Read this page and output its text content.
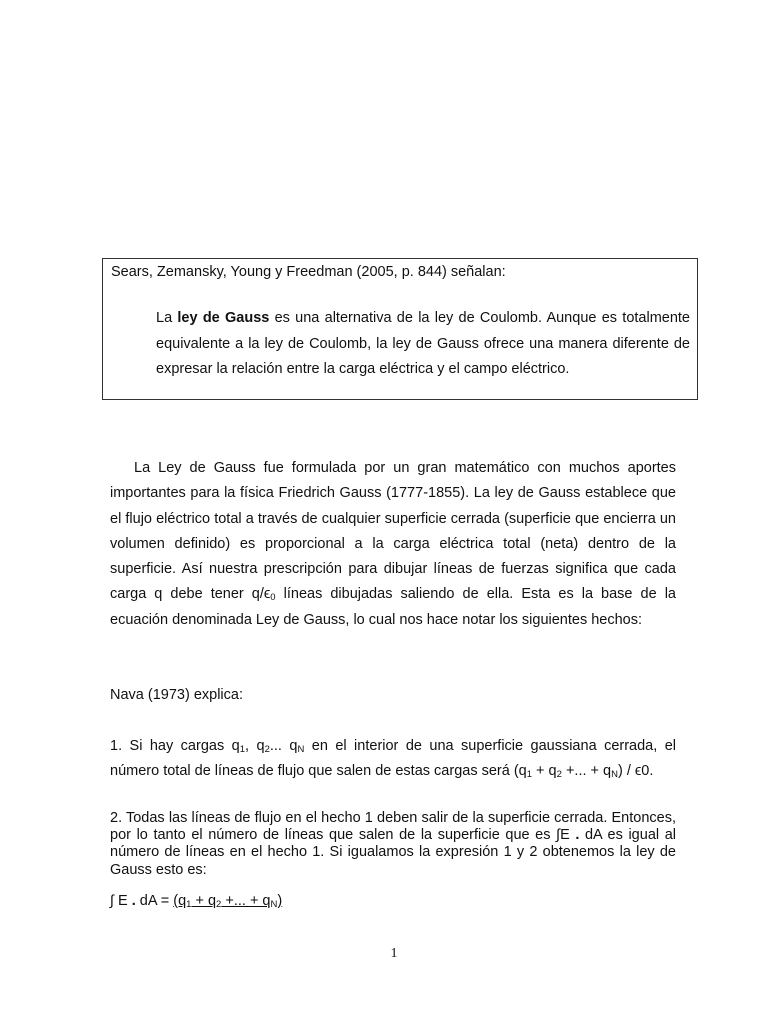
Sears, Zemansky, Young y Freedman (2005, p. 844) señalan:
La ley de Gauss es una alternativa de la ley de Coulomb. Aunque es totalmente equivalente a la ley de Coulomb, la ley de Gauss ofrece una manera diferente de expresar la relación entre la carga eléctrica y el campo eléctrico.

La Ley de Gauss fue formulada por un gran matemático con muchos aportes importantes para la física Friedrich Gauss (1777-1855). La ley de Gauss establece que el flujo eléctrico total a través de cualquier superficie cerrada (superficie que encierra un volumen definido) es proporcional a la carga eléctrica total (neta) dentro de la superficie. Así nuestra prescripción para dibujar líneas de fuerzas significa que cada carga q debe tener $q/\epsilon_0$ líneas dibujadas saliendo de ella. Esta es la base de la ecuación denominada Ley de Gauss, lo cual nos hace notar los siguientes hechos:

Nava (1973) explica:

1. Si hay cargas $q_1$, $q_2$... $q_N$ en el interior de una superficie gaussiana cerrada, el número total de líneas de flujo que salen de estas cargas será ($q_1 + q_2$ +... + $q_N) / \epsilon 0$.

2. Todas las líneas de flujo en el hecho 1 deben salir de la superficie cerrada. Entonces, por lo tanto el número de líneas que salen de la superficie que es ∫E . dA es igual al número de líneas en el hecho 1. Si igualamos la expresión 1 y 2 obtenemos la ley de Gauss esto es:

∫ E . dA = ($q_1 + q_2$ +... + $q_N$)
1
